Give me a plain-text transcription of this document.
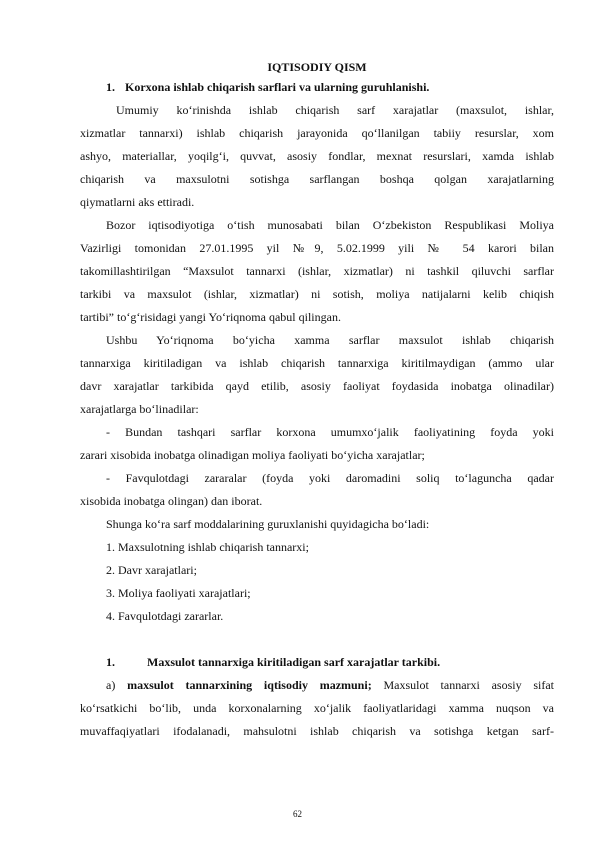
IQTISODIY QISM
1. Korxona ishlab chiqarish sarflari va ularning guruhlanishi.
Umumiy ko‘rinishda ishlab chiqarish sarf xarajatlar (maxsulot, ishlar,
xizmatlar tannarxi) ishlab chiqarish jarayonida qo‘llanilgan tabiiy resurslar, xom
ashyo, materiallar, yoqilg‘i, quvvat, asosiy fondlar, mexnat resurslari, xamda ishlab
chiqarish va maxsulotni sotishga sarflangan boshqa qolgan xarajatlarning
qiymatlarni aks ettiradi.
Bozor iqtisodiyotiga o‘tish munosabati bilan O‘zbekiston Respublikasi Moliya
Vazirligi tomonidan 27.01.1995 yil №9, 5.02.1999 yili № 54 karori bilan
takomillashtirilgan “Maxsulot tannarxi (ishlar, xizmatlar) ni tashkil qiluvchi sarflar
tarkibi va maxsulot (ishlar, xizmatlar) ni sotish, moliya natijalarni kelib chiqish
tartibi” to‘g‘risidagi yangi Yo‘riqnoma qabul qilingan.
Ushbu Yo‘riqnoma bo‘yicha xamma sarflar maxsulot ishlab chiqarish
tannarxiga kiritiladigan va ishlab chiqarish tannarxiga kiritilmaydigan (ammo ular
davr xarajatlar tarkibida qayd etilib, asosiy faoliyat foydasida inobatga olinadilar)
xarajatlarga bo‘linadilar:
- Bundan tashqari sarflar korxona umumxo‘jalik faoliyatining foyda yoki
zarari xisobida inobatga olinadigan moliya faoliyati bo‘yicha xarajatlar;
- Favqulotdagi zararalar (foyda yoki daromadini soliq to‘laguncha qadar
xisobida inobatga olingan) dan iborat.
Shunga ko‘ra sarf moddalarining guruxlanishi quyidagicha bo‘ladi:
1. Maxsulotning ishlab chiqarish tannarxi;
2. Davr xarajatlari;
3. Moliya faoliyati xarajatlari;
4. Favqulotdagi zararlar.
1.	Maxsulot tannarxiga kiritiladigan sarf xarajatlar tarkibi.
a) maxsulot tannarxining iqtisodiy mazmuni; Maxsulot tannarxi asosiy sifat
ko‘rsatkichi bo‘lib, unda korxonalarning xo‘jalik faoliyatlaridagi xamma nuqson va
muvaffaqiyatlari ifodalanadi, mahsulotni ishlab chiqarish va sotishga ketgan sarf-
62
